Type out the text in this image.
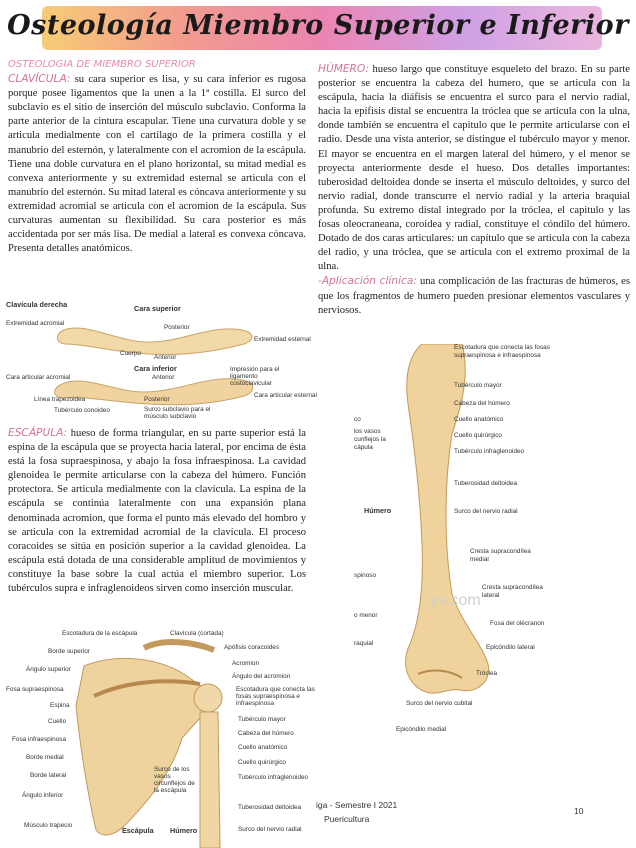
Osteología Miembro Superior e Inferior
OSTEOLOGIA DE MIEMBRO SUPERIOR
CLAVÍCULA: su cara superior es lisa, y su cara inferior es rugosa porque posee ligamentos que la unen a la 1ª costilla. El surco del subclavio es el sitio de inserción del músculo subclavio. Conforma la parte anterior de la cintura escapular. Tiene una curvatura doble y se articula medialmente con el cartílago de la primera costilla y el manubrio del esternón, y lateralmente con el acromion de la escápula. Tiene una doble curvatura en el plano horizontal, su mitad medial es convexa anteriormente y su extremidad esternal se articula con el manubrio del esternón. Su mitad lateral es cóncava anteriormente y su extremidad acromial se articula con el acromion de la escápula. Sus curvaturas aumentan su flexibilidad. Su cara posterior es más accidentada por ser más lisa. De medial a lateral es convexa cóncava. Presenta detalles anatómicos.
Clavícula derecha	Cara superior
Cara inferior
Extremidad acromial
Posterior
Cuerpo
Anterior
Extremidad esternal
Cara articular acromial
Línea trapezoidea
Tubérculo conoideo
Anterior
Posterior
Impresión para el ligamento costoclavicular
Cara articular esternal
Surco subclavio para el músculo subclavio
ESCÁPULA: hueso de forma triangular, en su parte superior está la espina de la escápula que se proyecta hacia lateral, por encima de ésta está la fosa supraespinosa, y abajo la fosa infraespinosa. La cavidad glenoidea le permite articularse con la cabeza del húmero. Función protectora. Se articula medialmente con la clavícula. La espina de la escápula se continúa lateralmente con una expansión plana denominada acromion, que forma el punto más elevado del hombro y se articula con la extremidad acromial de la clavícula. El proceso coracoides se sitúa en posición superior a la cavidad glenoidea. La escápula está dotada de una considerable amplitud de movimientos y constituye la base sobre la cual actúa el miembro superior. Los tubérculos supra e infraglenoideos sirven como inserción muscular.
Escotadura de la escápula	Clavícula (cortada)
Borde superior
Apófisis coracoides
Ángulo superior
Acromion
Ángulo del acromion
Fosa supraespinosa	Escotadura que conecta las fosas supraespinosa e infraespinosa
Espina
Tubérculo mayor
Cuello
Cabeza del húmero
Fosa infraespinosa
Cuello anatómico
Borde medial
Cuello quirúrgico
Borde lateral	Tubérculo infraglenoideo
Ángulo inferior
Surco de los vasos circunflejos de la escápula
Tuberosidad deltoidea
Músculo trapecio
Escápula Húmero	Surco del nervio radial
HÚMERO: hueso largo que constituye esqueleto del brazo. En su parte posterior se encuentra la cabeza del humero, que se articula con la escápula, hacia la diáfisis se encuentra el surco para el nervio radial, hacia la epífisis distal se encuentra la tróclea que se articula con la ulna, donde también se encuentra el capitulo que le permite articularse con el radio. Desde una vista anterior, se distingue el tubérculo mayor y menor. El mayor se encuentra en el margen lateral del húmero, y el menor se proyecta anteriormente desde el hueso. Dos detalles importantes: tuberosidad deltoidea donde se inserta el músculo deltoides, y surco del nervio radial, donde transcurre el nervio radial y la arteria braquial profunda. Su extremo distal integrado por la tróclea, el capitulo y las fosas oleocraneana, coroidea y radial, constituye el cóndilo del húmero. Dotado de dos caras articulares: un capítulo que se articula con la cabeza del radio, y una tróclea, que se articula con el extremo proximal de la ulna.
-Aplicación clínica: una complicación de las fracturas de húmeros, es que los fragmentos de humero pueden presionar elementos vasculares y nerviosos.
Escotadura que conecta las fosas supraespinosa e infraespinosa
Tubérculo mayor
Cabeza del húmero
Cuello anatómico
Cuello quirúrgico
Tubérculo infraglenoideo
Tuberosidad deltoidea
Surco del nervio radial
Cresta supracondílea medial
Cresta supracondílea lateral
Fosa del olécranon
Epicóndilo lateral
Tróclea
Surco del nervio cubital
Epicóndilo medial
co
los vasos cunflejos la cápula
Húmero
spinoso
o menor
raquial
ys.com
iga - Semestre I 2021
Puericultura
10
